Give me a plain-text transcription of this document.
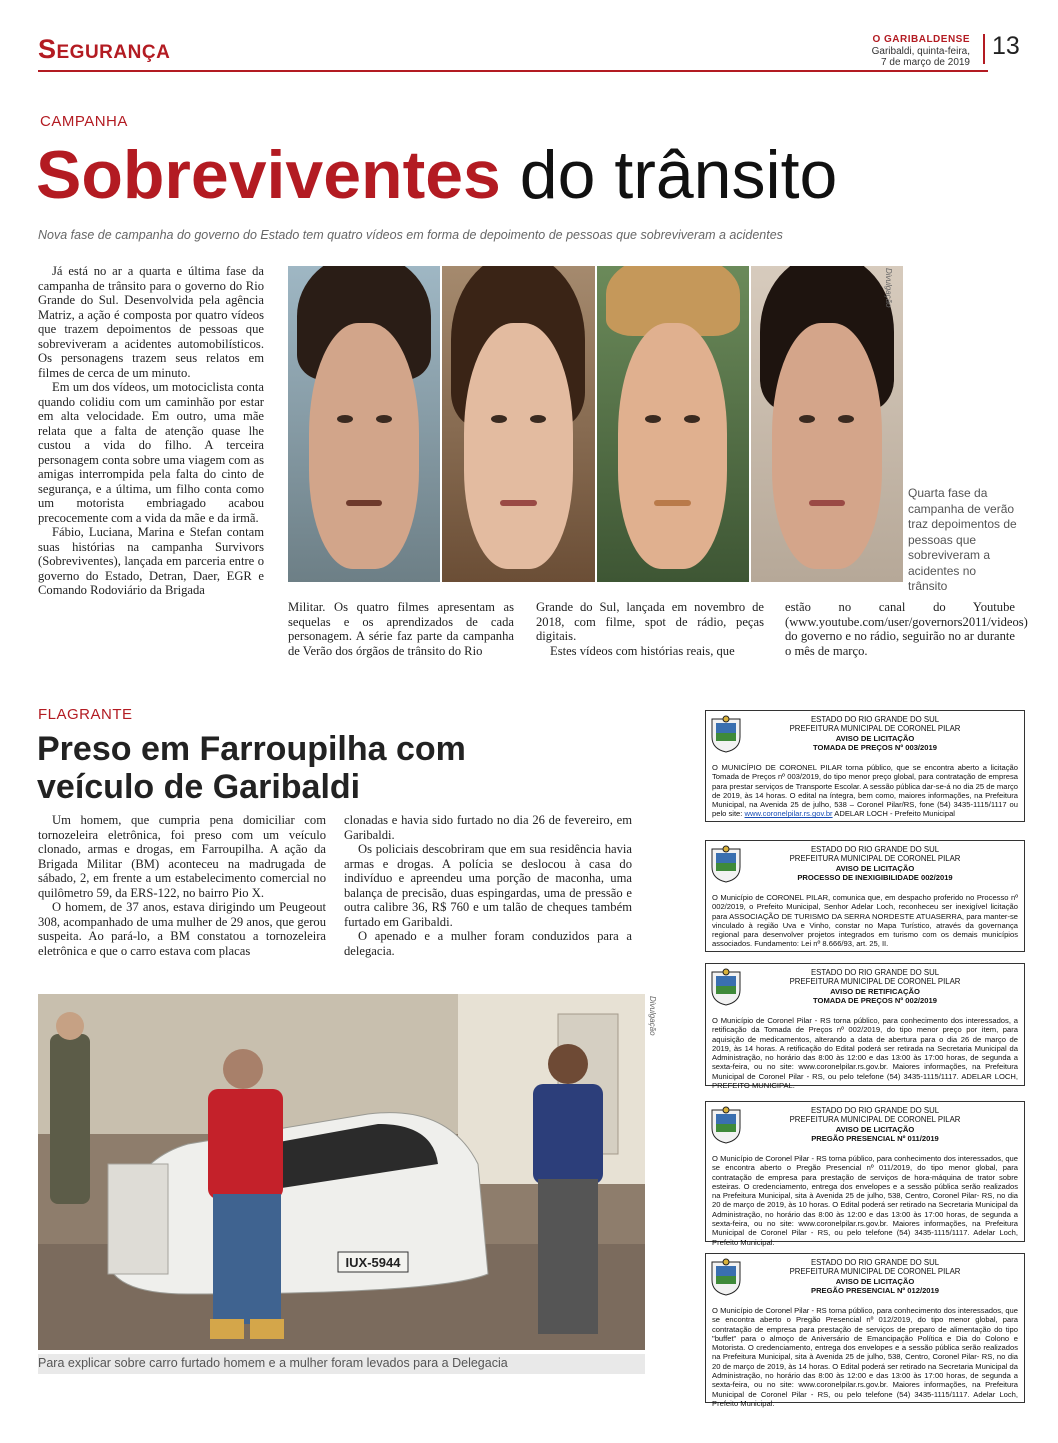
Segurança	O GARIBALDENSE
Garibaldi, quinta-feira,
7 de março de 2019
13
CAMPANHA
Sobreviventes do trânsito
Nova fase de campanha do governo do Estado tem quatro vídeos em forma de depoimento de pessoas que sobreviveram a acidentes

Já está no ar a quarta e última fase da campanha de trânsito para o governo do Rio Grande do Sul. Desenvolvida pela agência Matriz, a ação é composta por quatro vídeos que trazem depoimentos de pessoas que sobreviveram a acidentes automobilísticos. Os personagens trazem seus relatos em filmes de cerca de um minuto.

Em um dos vídeos, um motociclista conta quando colidiu com um caminhão por estar em alta velocidade. Em outro, uma mãe relata que a falta de atenção quase lhe custou a vida do filho. A terceira personagem conta sobre uma viagem com as amigas interrompida pela falta do cinto de segurança, e a última, um filho conta como um motorista embriagado acabou precocemente com a vida da mãe e da irmã.

Fábio, Luciana, Marina e Stefan contam suas histórias na campanha Survivors (Sobreviventes), lançada em parceria entre o governo do Estado, Detran, Daer, EGR e Comando Rodoviário da Brigada

Divulgação
Quarta fase da campanha de verão traz depoimentos de pessoas que sobreviveram a acidentes no trânsito

Militar. Os quatro filmes apresentam as sequelas e os aprendizados de cada personagem. A série faz parte da campanha de Verão dos órgãos de trânsito do Rio

Grande do Sul, lançada em novembro de 2018, com filme, spot de rádio, peças digitais.

Estes vídeos com histórias reais, que

estão no canal do Youtube (www.youtube.com/user/governors2011/videos) do governo e no rádio, seguirão no ar durante o mês de março.

FLAGRANTE
Preso em Farroupilha com veículo de Garibaldi

Um homem, que cumpria pena domiciliar com tornozeleira eletrônica, foi preso com um veículo clonado, armas e drogas, em Farroupilha. A ação da Brigada Militar (BM) aconteceu na madrugada de sábado, 2, em frente a um estabelecimento comercial no quilômetro 59, da ERS-122, no bairro Pio X.

O homem, de 37 anos, estava dirigindo um Peugeout 308, acompanhado de uma mulher de 29 anos, que gerou suspeita. Ao pará-lo, a BM constatou a tornozeleira eletrônica e que o carro estava com placas

clonadas e havia sido furtado no dia 26 de fevereiro, em Garibaldi.

Os policiais descobriram que em sua residência havia armas e drogas. A polícia se deslocou à casa do indivíduo e apreendeu uma porção de maconha, uma balança de precisão, duas espingardas, uma de pressão e outra calibre 36, R$ 760 e um talão de cheques também furtado em Garibaldi.

O apenado e a mulher foram conduzidos para a delegacia.

IUX-5944
Divulgação
Para explicar sobre carro furtado homem e a mulher foram levados para a Delegacia
ESTADO DO RIO GRANDE DO SUL
PREFEITURA MUNICIPAL DE CORONEL PILAR
AVISO DE LICITAÇÃO
TOMADA DE PREÇOS Nº 003/2019
O MUNICÍPIO DE CORONEL PILAR torna público, que se encontra aberto a licitação Tomada de Preços nº 003/2019, do tipo menor preço global, para contratação de empresa para prestar serviços de Transporte Escolar. A sessão pública dar-se-á no dia 25 de março de 2019, às 14 horas. O edital na íntegra, bem como, maiores informações, na Prefeitura Municipal, na Avenida 25 de julho, 538 – Coronel Pilar/RS, fone (54) 3435-1115/1117 ou pelo site: www.coronelpilar.rs.gov.br ADELAR LOCH - Prefeito Municipal
ESTADO DO RIO GRANDE DO SUL
PREFEITURA MUNICIPAL DE CORONEL PILAR
AVISO DE LICITAÇÃO
PROCESSO DE INEXIGIBILIDADE 002/2019
O Município de CORONEL PILAR, comunica que, em despacho proferido no Processo nº 002/2019, o Prefeito Municipal, Senhor Adelar Loch, reconheceu ser inexigível licitação para ASSOCIAÇÃO DE TURISMO DA SERRA NORDESTE ATUASERRA, para manter-se vinculado à região Uva e Vinho, constar no Mapa Turístico, através da governança regional para desenvolver projetos integrados em turismo com os demais municípios associados. Fundamento: Lei nº 8.666/93, art. 25, II.
ESTADO DO RIO GRANDE DO SUL
PREFEITURA MUNICIPAL DE CORONEL PILAR
AVISO DE RETIFICAÇÃO
TOMADA DE PREÇOS Nº 002/2019
O Município de Coronel Pilar - RS torna público, para conhecimento dos interessados, a retificação da Tomada de Preços nº 002/2019, do tipo menor preço por item, para aquisição de medicamentos, alterando a data de abertura para o dia 26 de março de 2019, às 14 horas. A retificação do Edital poderá ser retirada na Secretaria Municipal da Administração, no horário das 8:00 às 12:00 e das 13:00 às 17:00 horas, de segunda a sexta-feira, ou no site: www.coronelpilar.rs.gov.br. Maiores informações, na Prefeitura Municipal de Coronel Pilar - RS, ou pelo telefone (54) 3435-1115/1117. ADELAR LOCH, PREFEITO MUNICIPAL.
ESTADO DO RIO GRANDE DO SUL
PREFEITURA MUNICIPAL DE CORONEL PILAR
AVISO DE LICITAÇÃO
PREGÃO PRESENCIAL Nº 011/2019
O Município de Coronel Pilar - RS torna público, para conhecimento dos interessados, que se encontra aberto o Pregão Presencial nº 011/2019, do tipo menor global, para contratação de empresa para prestação de serviços de hora-máquina de trator sobre esteiras. O credenciamento, entrega dos envelopes e a sessão pública serão realizados na Prefeitura Municipal, sita à Avenida 25 de julho, 538, Centro, Coronel Pilar- RS, no dia 20 de março de 2019, às 10 horas. O Edital poderá ser retirado na Secretaria Municipal da Administração, no horário das 8:00 às 12:00 e das 13:00 às 17:00 horas, de segunda a sexta-feira, ou no site: www.coronelpilar.rs.gov.br. Maiores informações, na Prefeitura Municipal de Coronel Pilar - RS, ou pelo telefone (54) 3435-1115/1117. Adelar Loch, Prefeito Municipal.
ESTADO DO RIO GRANDE DO SUL
PREFEITURA MUNICIPAL DE CORONEL PILAR
AVISO DE LICITAÇÃO
PREGÃO PRESENCIAL Nº 012/2019
O Município de Coronel Pilar - RS torna público, para conhecimento dos interessados, que se encontra aberto o Pregão Presencial nº 012/2019, do tipo menor global, para contratação de empresa para prestação de serviços de preparo de alimentação do tipo "buffet" para o almoço de Aniversário de Emancipação Política e Dia do Colono e Motorista. O credenciamento, entrega dos envelopes e a sessão pública serão realizados na Prefeitura Municipal, sita à Avenida 25 de julho, 538, Centro, Coronel Pilar- RS, no dia 20 de março de 2019, às 14 horas. O Edital poderá ser retirado na Secretaria Municipal da Administração, no horário das 8:00 às 12:00 e das 13:00 às 17:00 horas, de segunda a sexta-feira, ou no site: www.coronelpilar.rs.gov.br. Maiores informações, na Prefeitura Municipal de Coronel Pilar - RS, ou pelo telefone (54) 3435-1115/1117. Adelar Loch, Prefeito Municipal.
